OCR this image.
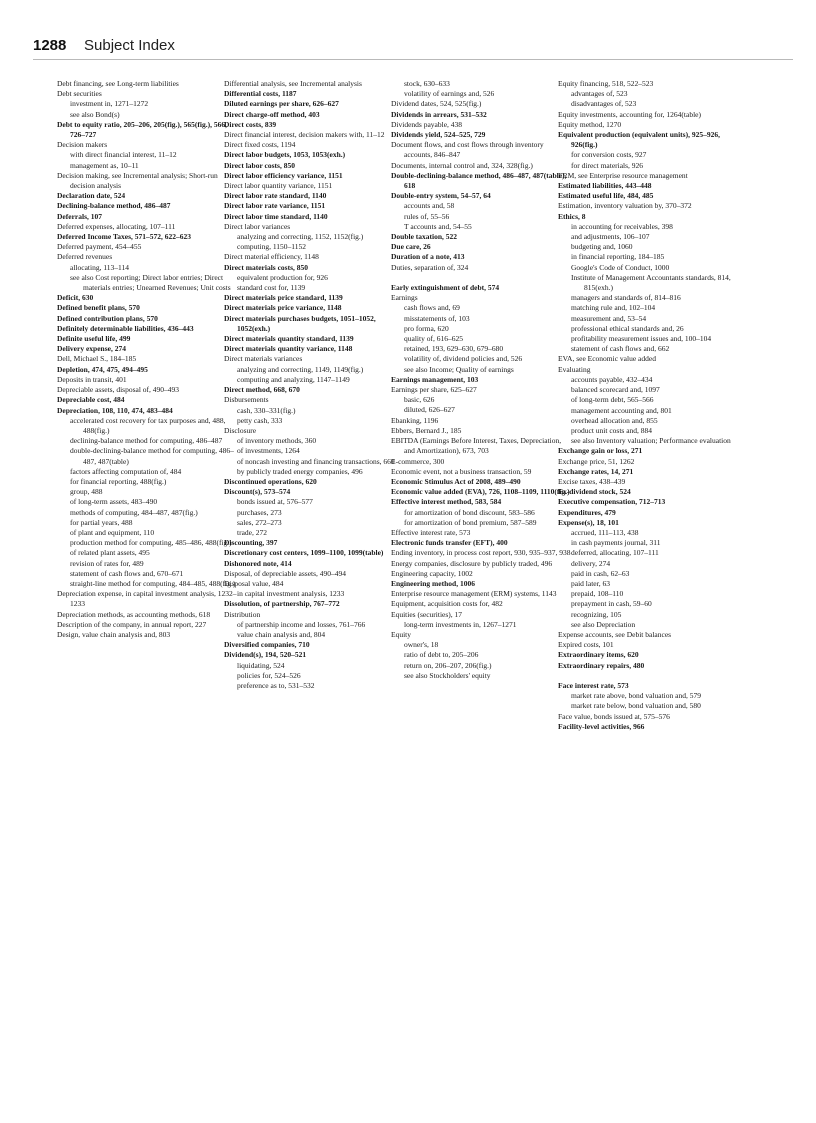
1288 Subject Index
Debt financing, see Long-term liabilities
Debt securities
investment in, 1271–1272
see also Bond(s)
Debt to equity ratio, 205–206, 205(fig.), 565(fig.), 566, 726–727
Decision makers
with direct financial interest, 11–12
management as, 10–11
Decision making, see Incremental analysis; Short-run decision analysis
Declaration date, 524
Declining-balance method, 486–487
Deferrals, 107
Deferred expenses, allocating, 107–111
Deferred Income Taxes, 571–572, 622–623
Deferred payment, 454–455
Deferred revenues
allocating, 113–114
see also Cost reporting; Direct labor entries; Direct materials entries; Unearned Revenues; Unit costs
Deficit, 630
Defined benefit plans, 570
Defined contribution plans, 570
Definitely determinable liabilities, 436–443
Definite useful life, 499
Delivery expense, 274
Dell, Michael S., 184–185
Depletion, 474, 475, 494–495
Deposits in transit, 401
Depreciable assets, disposal of, 490–493
Depreciable cost, 484
Depreciation, 108, 110, 474, 483–484
accelerated cost recovery for tax purposes and, 488, 488(fig.)
declining-balance method for computing, 486–487
double-declining-balance method for computing, 486–487, 487(table)
factors affecting computation of, 484
for financial reporting, 488(fig.)
group, 488
of long-term assets, 483–490
methods of computing, 484–487, 487(fig.)
for partial years, 488
of plant and equipment, 110
production method for computing, 485–486, 488(fig.)
of related plant assets, 495
revision of rates for, 489
statement of cash flows and, 670–671
straight-line method for computing, 484–485, 488(fig.)
Depreciation expense, in capital investment analysis, 1232–1233
Depreciation methods, as accounting methods, 618
Description of the company, in annual report, 227
Design, value chain analysis and, 803
Differential analysis, see Incremental analysis
Differential costs, 1187
Diluted earnings per share, 626–627
Direct charge-off method, 403
Direct costs, 839
Direct financial interest, decision makers with, 11–12
Direct fixed costs, 1194
Direct labor budgets, 1053, 1053(exh.)
Direct labor costs, 850
Direct labor efficiency variance, 1151
Direct labor quantity variance, 1151
Direct labor rate standard, 1140
Direct labor rate variance, 1151
Direct labor time standard, 1140
Direct labor variances
analyzing and correcting, 1152, 1152(fig.)
computing, 1150–1152
Direct material efficiency, 1148
Direct materials costs, 850
equivalent production for, 926
standard cost for, 1139
Direct materials price standard, 1139
Direct materials price variance, 1148
Direct materials purchases budgets, 1051–1052, 1052(exh.)
Direct materials quantity standard, 1139
Direct materials quantity variance, 1148
Direct materials variances
analyzing and correcting, 1149, 1149(fig.)
computing and analyzing, 1147–1149
Direct method, 668, 670
Disbursements
cash, 330–331(fig.)
petty cash, 333
Disclosure
of inventory methods, 360
of investments, 1264
of noncash investing and financing transactions, 660
by publicly traded energy companies, 496
Discontinued operations, 620
Discount(s), 573–574
bonds issued at, 576–577
purchases, 273
sales, 272–273
trade, 272
Discounting, 397
Discretionary cost centers, 1099–1100, 1099(table)
Dishonored note, 414
Disposal, of depreciable assets, 490–494
Disposal value, 484
in capital investment analysis, 1233
Dissolution, of partnership, 767–772
Distribution
of partnership income and losses, 761–766
value chain analysis and, 804
Diversified companies, 710
Dividend(s), 194, 520–521
liquidating, 524
policies for, 524–526
preference as to, 531–532
stock, 630–633
volatility of earnings and, 526
Dividend dates, 524, 525(fig.)
Dividends in arrears, 531–532
Dividends payable, 438
Dividends yield, 524–525, 729
Document flows, and cost flows through inventory accounts, 846–847
Documents, internal control and, 324, 328(fig.)
Double-declining-balance method, 486–487, 487(table), 618
Double-entry system, 54–57, 64
accounts and, 58
rules of, 55–56
T accounts and, 54–55
Double taxation, 522
Due care, 26
Duration of a note, 413
Duties, separation of, 324
Early extinguishment of debt, 574
Earnings
cash flows and, 69
misstatements of, 103
pro forma, 620
quality of, 616–625
retained, 193, 629–630, 679–680
volatility of, dividend policies and, 526
see also Income; Quality of earnings
Earnings management, 103
Earnings per share, 625–627
basic, 626
diluted, 626–627
Ebanking, 1196
Ebbers, Bernard J., 185
EBITDA (Earnings Before Interest, Taxes, Depreciation, and Amortization), 673, 703
E-commerce, 300
Economic event, not a business transaction, 59
Economic Stimulus Act of 2008, 489–490
Economic value added (EVA), 726, 1108–1109, 1110(fig.)
Effective interest method, 583, 584
for amortization of bond discount, 583–586
for amortization of bond premium, 587–589
Effective interest rate, 573
Electronic funds transfer (EFT), 400
Ending inventory, in process cost report, 930, 935–937, 938
Energy companies, disclosure by publicly traded, 496
Engineering capacity, 1002
Engineering method, 1006
Enterprise resource management (ERM) systems, 1143
Equipment, acquisition costs for, 482
Equities (securities), 17
long-term investments in, 1267–1271
Equity
owner's, 18
ratio of debt to, 205–206
return on, 206–207, 206(fig.)
see also Stockholders' equity
Equity financing, 518, 522–523
advantages of, 523
disadvantages of, 523
Equity investments, accounting for, 1264(table)
Equity method, 1270
Equivalent production (equivalent units), 925–926, 926(fig.)
for conversion costs, 927
for direct materials, 926
ERM, see Enterprise resource management
Estimated liabilities, 443–448
Estimated useful life, 484, 485
Estimation, inventory valuation by, 370–372
Ethics, 8
in accounting for receivables, 398
and adjustments, 106–107
budgeting and, 1060
in financial reporting, 184–185
Google's Code of Conduct, 1000
Institute of Management Accountants standards, 814, 815(exh.)
managers and standards of, 814–816
matching rule and, 102–104
measurement and, 53–54
professional ethical standards and, 26
profitability measurement issues and, 100–104
statement of cash flows and, 662
EVA, see Economic value added
Evaluating
accounts payable, 432–434
balanced scorecard and, 1097
of long-term debt, 565–566
management accounting and, 801
overhead allocation and, 855
product unit costs and, 884
see also Inventory valuation; Performance evaluation
Exchange gain or loss, 271
Exchange price, 51, 1262
Exchange rates, 14, 271
Excise taxes, 438–439
Ex-dividend stock, 524
Executive compensation, 712–713
Expenditures, 479
Expense(s), 18, 101
accrued, 111–113, 438
in cash payments journal, 311
deferred, allocating, 107–111
delivery, 274
paid in cash, 62–63
paid later, 63
prepaid, 108–110
prepayment in cash, 59–60
recognizing, 105
see also Depreciation
Expense accounts, see Debit balances
Expired costs, 101
Extraordinary items, 620
Extraordinary repairs, 480
Face interest rate, 573
market rate above, bond valuation and, 579
market rate below, bond valuation and, 580
Face value, bonds issued at, 575–576
Facility-level activities, 966
